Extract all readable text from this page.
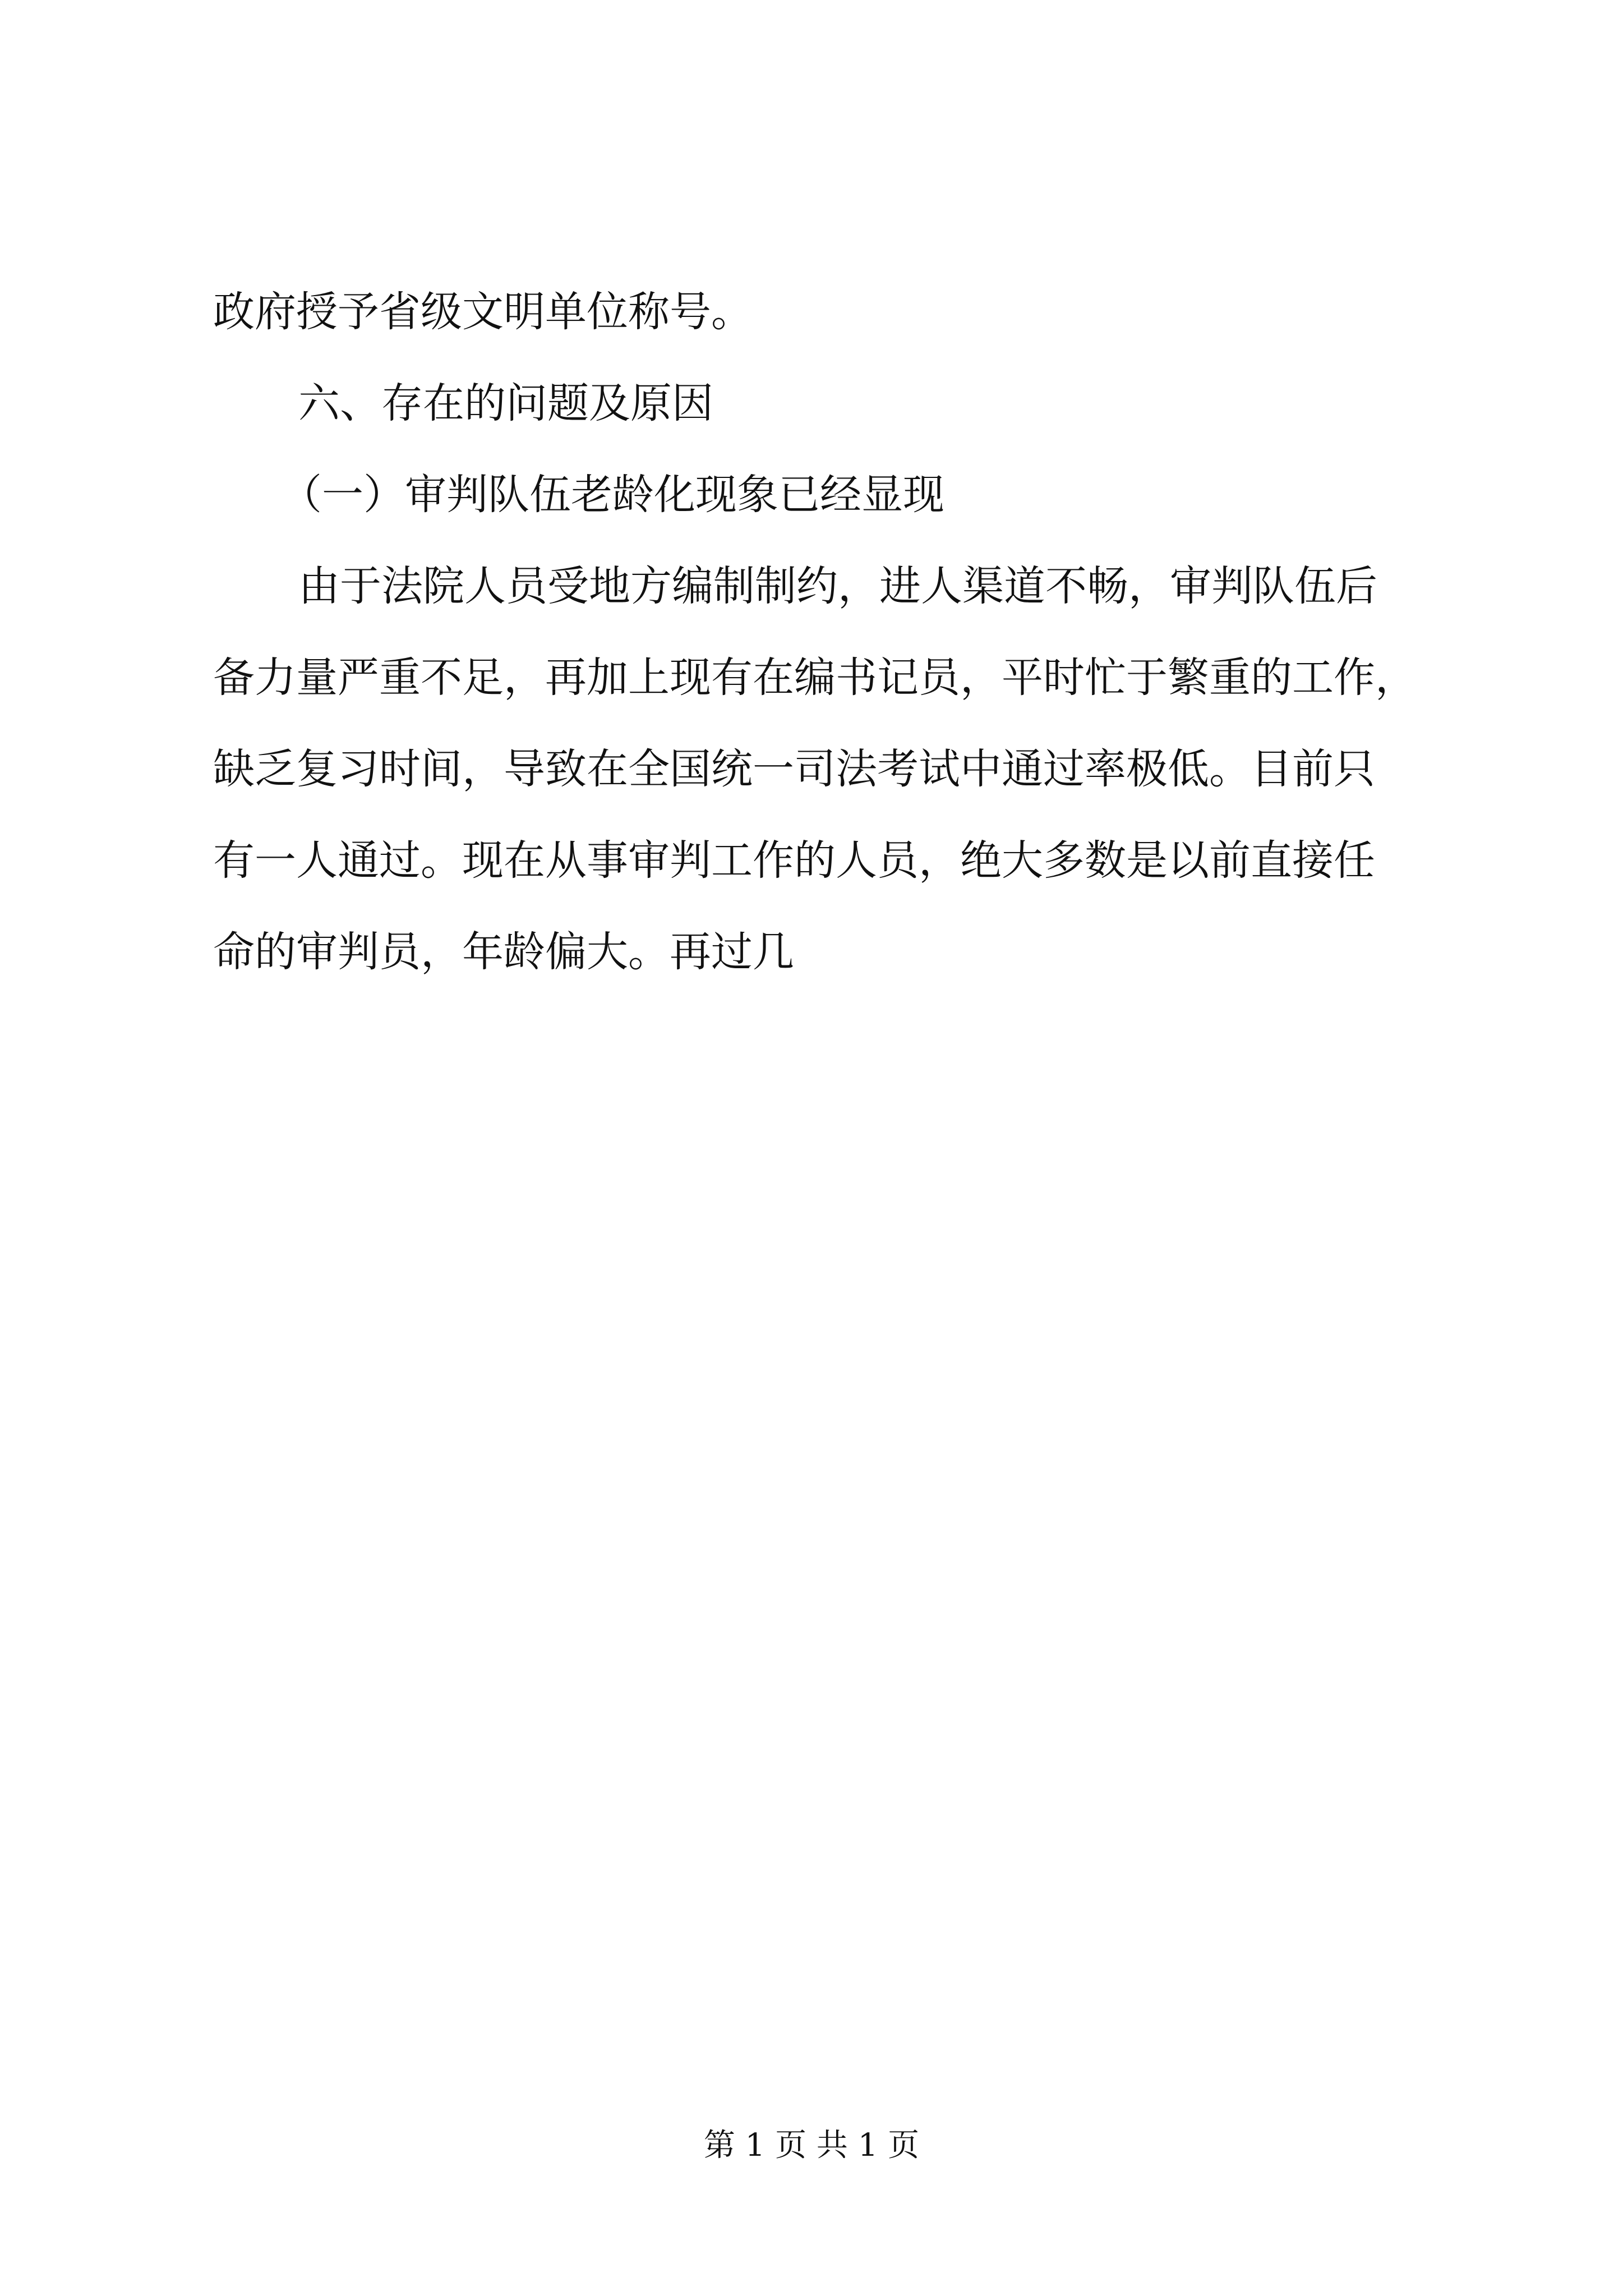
政府授予省级文明单位称号。
六、存在的问题及原因
（一）审判队伍老龄化现象已经显现
由于法院人员受地方编制制约，进人渠道不畅，审判队伍后
备力量严重不足，再加上现有在编书记员，平时忙于繁重的工作，
缺乏复习时间，导致在全国统一司法考试中通过率极低。目前只
有一人通过。现在从事审判工作的人员，绝大多数是以前直接任
命的审判员，年龄偏大。再过几
第 1 页 共 1 页
